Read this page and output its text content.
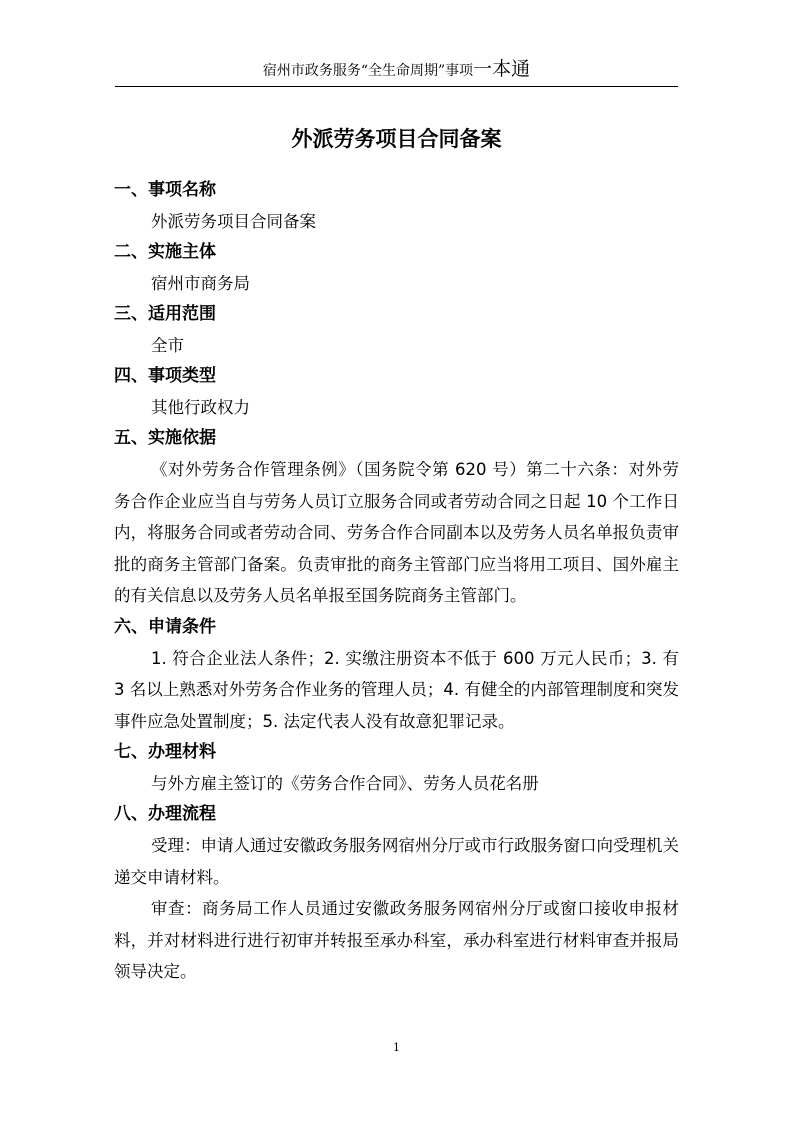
宿州市政务服务“全生命周期”事项一本通
外派劳务项目合同备案
一、事项名称
外派劳务项目合同备案
二、实施主体
宿州市商务局
三、适用范围
全市
四、事项类型
其他行政权力
五、实施依据
《对外劳务合作管理条例》（国务院令第 620 号）第二十六条：对外劳务合作企业应当自与劳务人员订立服务合同或者劳动合同之日起 10 个工作日内，将服务合同或者劳动合同、劳务合作合同副本以及劳务人员名单报负责审批的商务主管部门备案。负责审批的商务主管部门应当将用工项目、国外雇主的有关信息以及劳务人员名单报至国务院商务主管部门。
六、申请条件
1. 符合企业法人条件；2. 实缴注册资本不低于 600 万元人民币；3. 有 3 名以上熟悉对外劳务合作业务的管理人员；4. 有健全的内部管理制度和突发事件应急处置制度；5. 法定代表人没有故意犯罪记录。
七、办理材料
与外方雇主签订的《劳务合作合同》、劳务人员花名册
八、办理流程
受理：申请人通过安徽政务服务网宿州分厅或市行政服务窗口向受理机关递交申请材料。
审查：商务局工作人员通过安徽政务服务网宿州分厅或窗口接收申报材料，并对材料进行进行初审并转报至承办科室，承办科室进行材料审查并报局领导决定。
1
